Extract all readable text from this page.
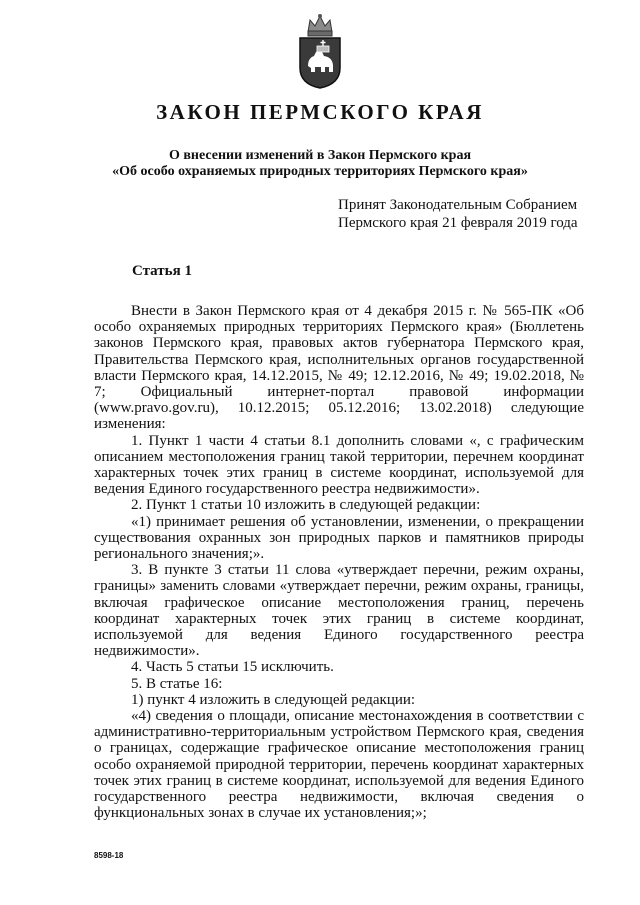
ЗАКОН ПЕРМСКОГО КРАЯ
О внесении изменений в Закон Пермского края
«Об особо охраняемых природных территориях Пермского края»
Принят Законодательным Собранием
Пермского края 21 февраля 2019 года
Статья 1

Внести в Закон Пермского края от 4 декабря 2015 г. № 565-ПК «Об особо охраняемых природных территориях Пермского края» (Бюллетень законов Пермского края, правовых актов губернатора Пермского края, Правительства Пермского края, исполнительных органов государственной власти Пермского края, 14.12.2015, № 49; 12.12.2016, № 49; 19.02.2018, № 7; Официальный интернет-портал правовой информации (www.pravo.gov.ru), 10.12.2015; 05.12.2016; 13.02.2018) следующие изменения:

1. Пункт 1 части 4 статьи 8.1 дополнить словами «, с графическим описанием местоположения границ такой территории, перечнем координат характерных точек этих границ в системе координат, используемой для ведения Единого государственного реестра недвижимости».

2. Пункт 1 статьи 10 изложить в следующей редакции:

«1) принимает решения об установлении, изменении, о прекращении существования охранных зон природных парков и памятников природы регионального значения;».

3. В пункте 3 статьи 11 слова «утверждает перечни, режим охраны, границы» заменить словами «утверждает перечни, режим охраны, границы, включая графическое описание местоположения границ, перечень координат характерных точек этих границ в системе координат, используемой для ведения Единого государственного реестра недвижимости».

4. Часть 5 статьи 15 исключить.

5. В статье 16:

1) пункт 4 изложить в следующей редакции:

«4) сведения о площади, описание местонахождения в соответствии с административно-территориальным устройством Пермского края, сведения о границах, содержащие графическое описание местоположения границ особо охраняемой природной территории, перечень координат характерных точек этих границ в системе координат, используемой для ведения Единого государственного реестра недвижимости, включая сведения о функциональных зонах в случае их установления;»;

8598-18
